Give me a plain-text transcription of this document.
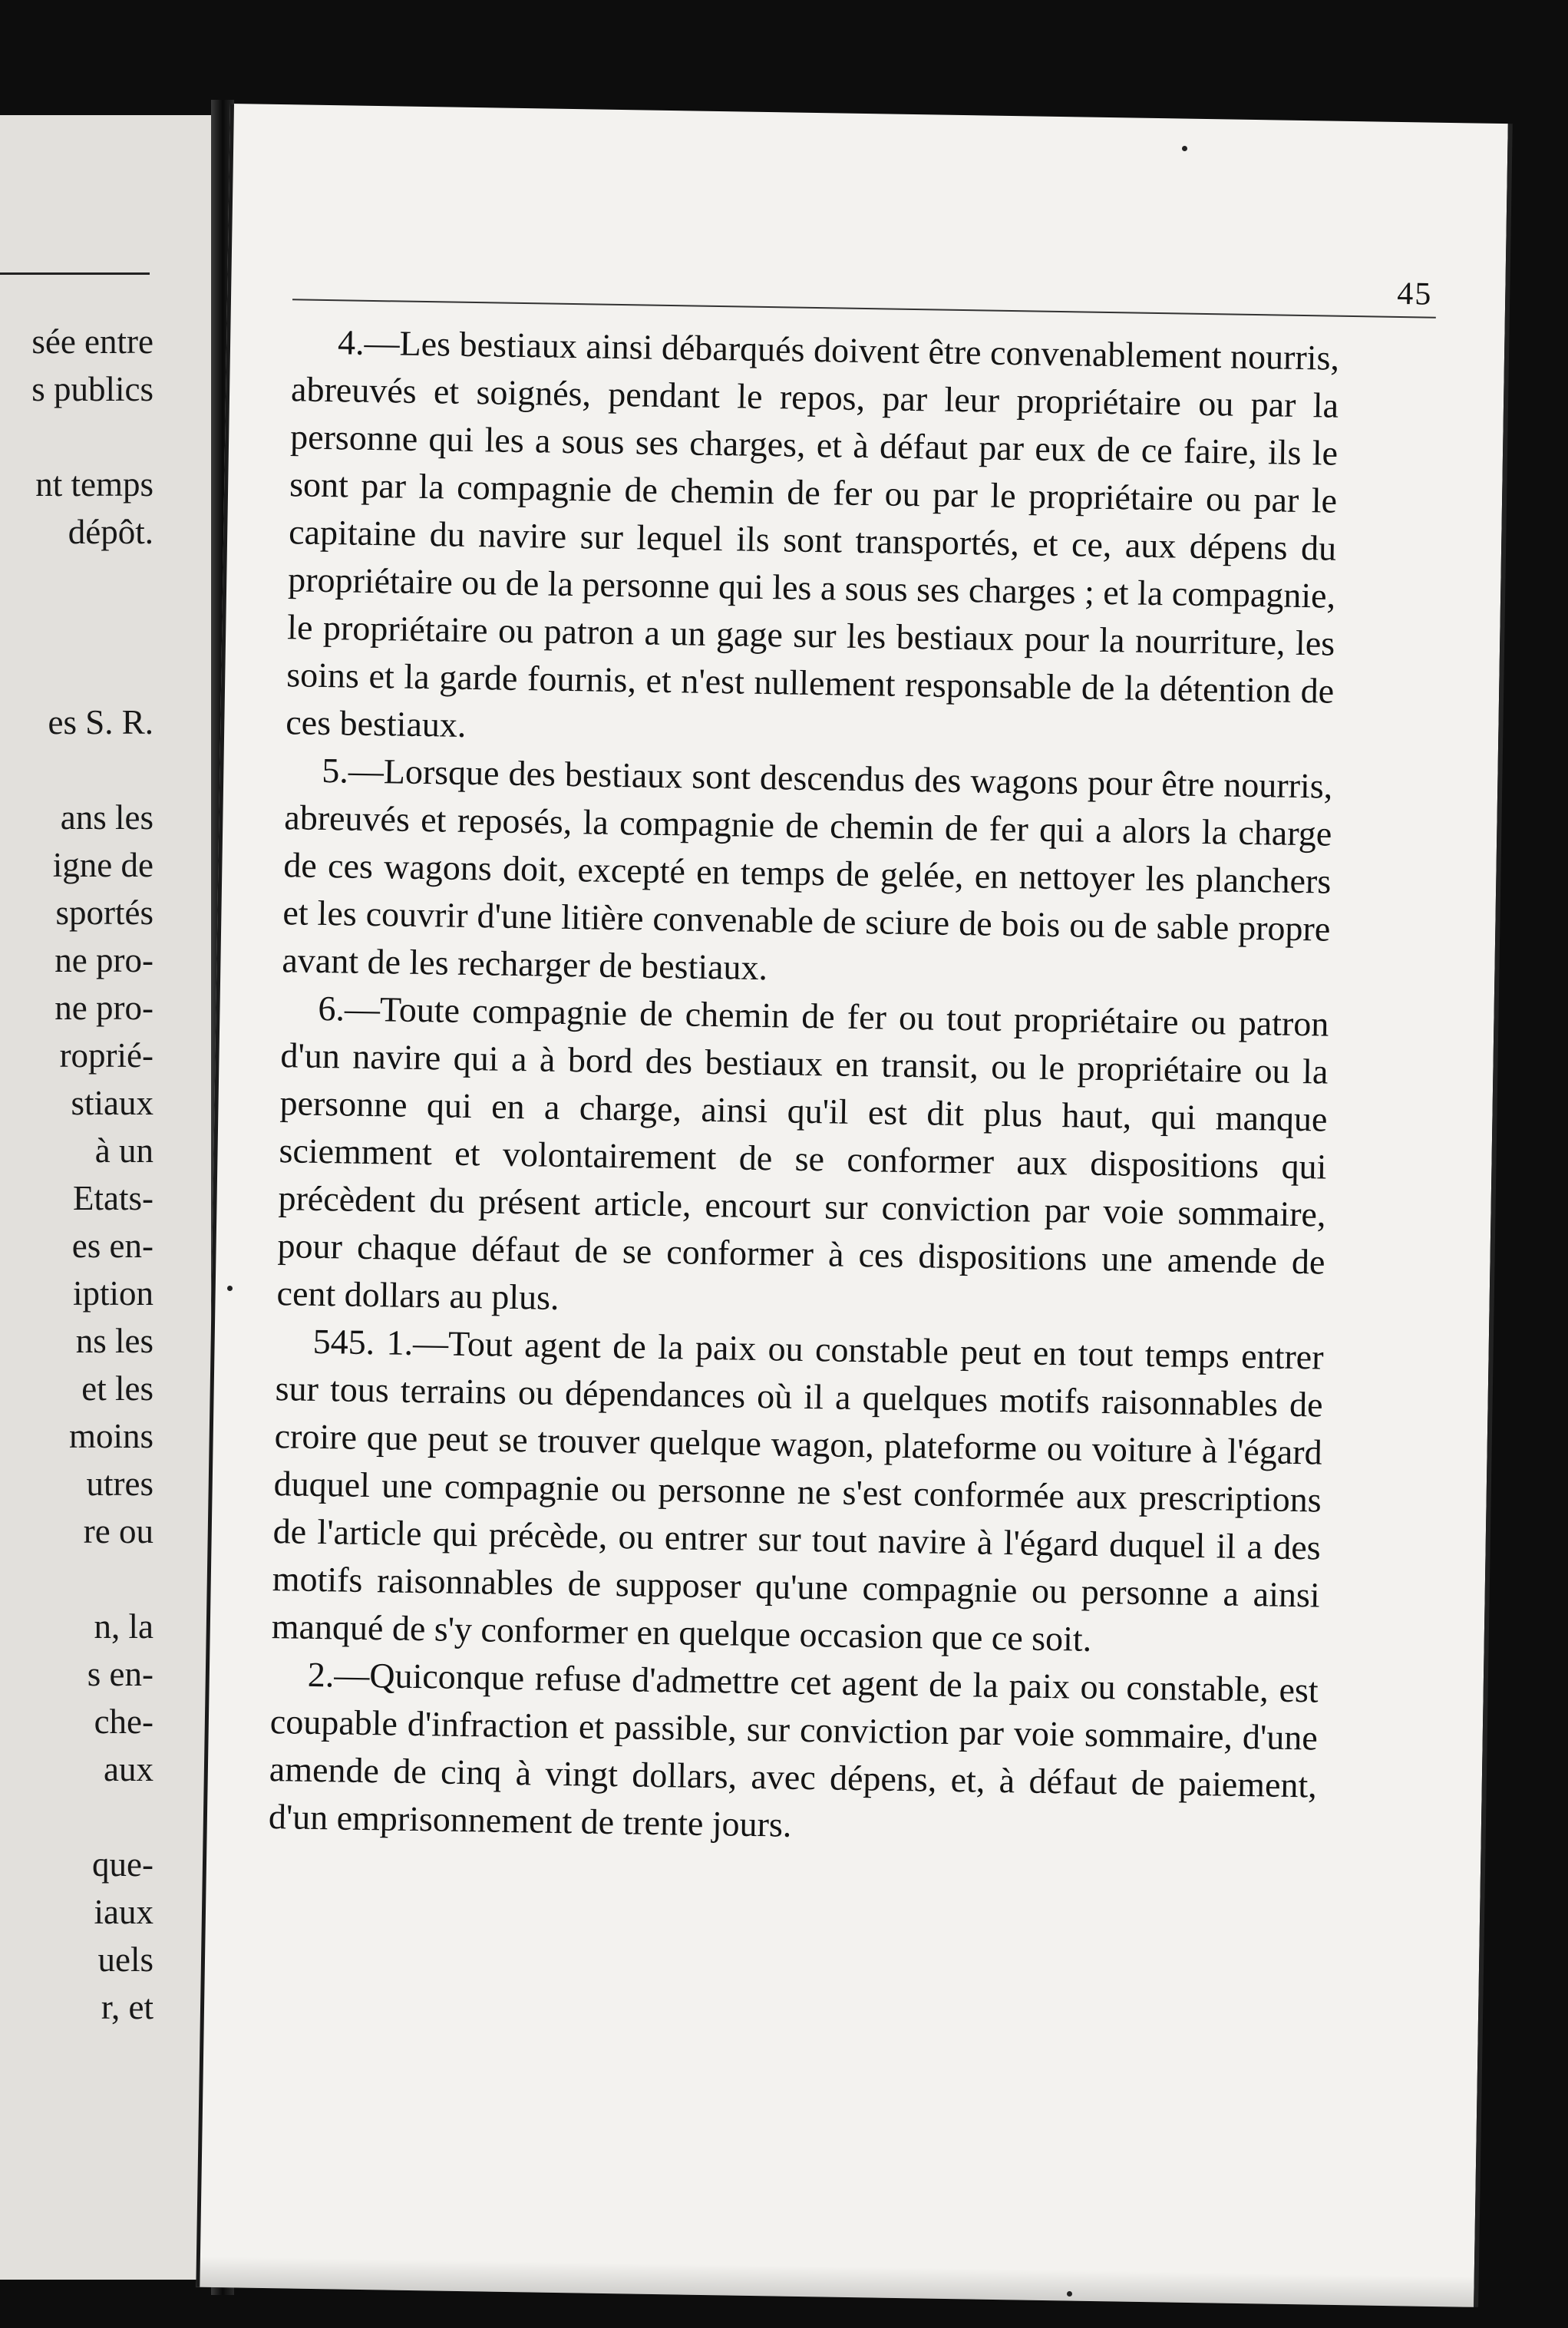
sée entre
s publics
nt temps
dépôt.
es S. R.
ans les
igne de
sportés
ne pro-
ne pro-
roprié-
stiaux
à un
Etats-
es en-
iption
ns les
et les
moins
utres
re ou
n, la
s en-
che-
aux
que-
iaux
uels
r, et
45

4.—Les bestiaux ainsi débarqués doivent être convenablement nourris, abreuvés et soignés, pendant le repos, par leur propriétaire ou par la personne qui les a sous ses charges, et à défaut par eux de ce faire, ils le sont par la compagnie de chemin de fer ou par le propriétaire ou par le capitaine du navire sur lequel ils sont transportés, et ce, aux dépens du propriétaire ou de la personne qui les a sous ses charges ; et la compagnie, le propriétaire ou patron a un gage sur les bestiaux pour la nourriture, les soins et la garde fournis, et n'est nullement responsable de la détention de ces bestiaux.

5.—Lorsque des bestiaux sont descendus des wagons pour être nourris, abreuvés et reposés, la compagnie de chemin de fer qui a alors la charge de ces wagons doit, excepté en temps de gelée, en nettoyer les planchers et les couvrir d'une litière convenable de sciure de bois ou de sable propre avant de les recharger de bestiaux.

6.—Toute compagnie de chemin de fer ou tout propriétaire ou patron d'un navire qui a à bord des bestiaux en transit, ou le propriétaire ou la personne qui en a charge, ainsi qu'il est dit plus haut, qui manque sciemment et volontairement de se conformer aux dispositions qui précèdent du présent article, encourt sur conviction par voie sommaire, pour chaque défaut de se conformer à ces dispositions une amende de cent dollars au plus.

545. 1.—Tout agent de la paix ou constable peut en tout temps entrer sur tous terrains ou dépendances où il a quelques motifs raisonnables de croire que peut se trouver quelque wagon, plateforme ou voiture à l'égard duquel une compagnie ou personne ne s'est conformée aux prescriptions de l'article qui précède, ou entrer sur tout navire à l'égard duquel il a des motifs raisonnables de supposer qu'une compagnie ou personne a ainsi manqué de s'y conformer en quelque occasion que ce soit.

2.—Quiconque refuse d'admettre cet agent de la paix ou constable, est coupable d'infraction et passible, sur conviction par voie sommaire, d'une amende de cinq à vingt dollars, avec dépens, et, à défaut de paiement, d'un emprisonnement de trente jours.
